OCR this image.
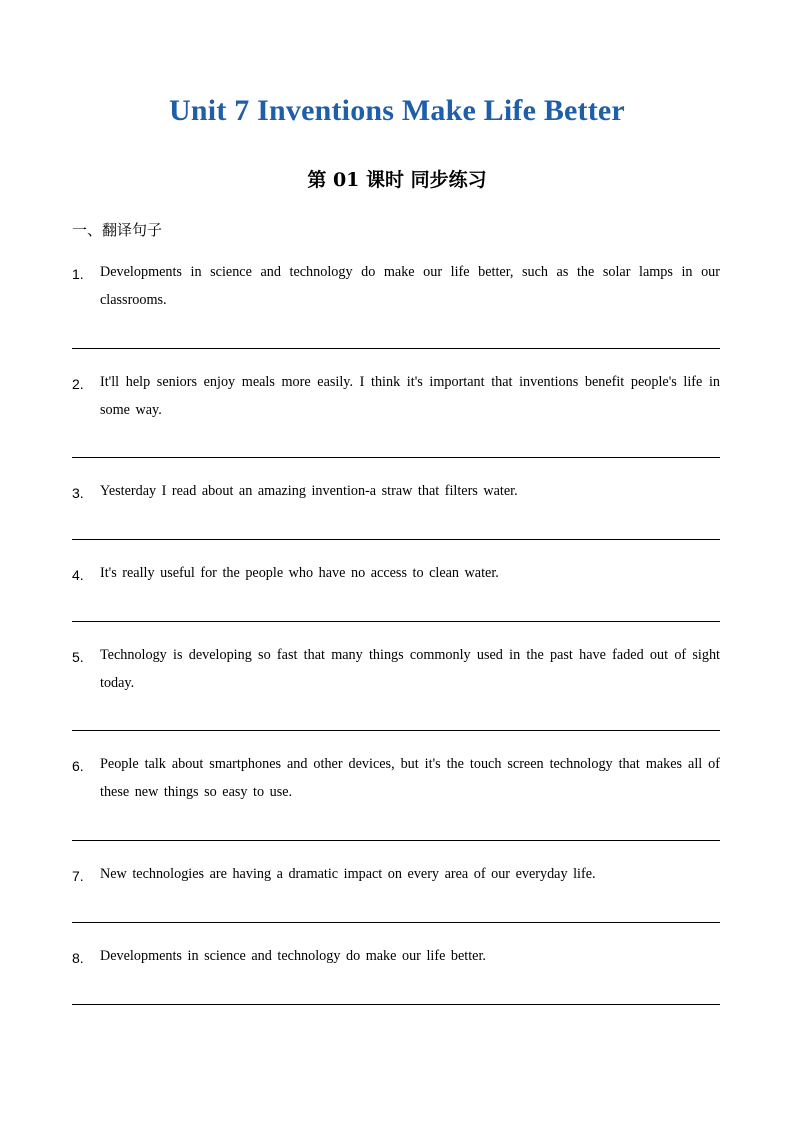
Unit 7 Inventions Make Life Better
第 01 课时 同步练习
一、翻译句子
1.	Developments in science and technology do make our life better, such as the solar lamps in our classrooms.
2.	It'll help seniors enjoy meals more easily. I think it's important that inventions benefit people's life in some way.
3.	Yesterday I read about an amazing invention-a straw that filters water.
4.	It's really useful for the people who have no access to clean water.
5.	Technology is developing so fast that many things commonly used in the past have faded out of sight today.
6.	People talk about smartphones and other devices, but it's the touch screen technology that makes all of these new things so easy to use.
7.	New technologies are having a dramatic impact on every area of our everyday life.
8.	Developments in science and technology do make our life better.
